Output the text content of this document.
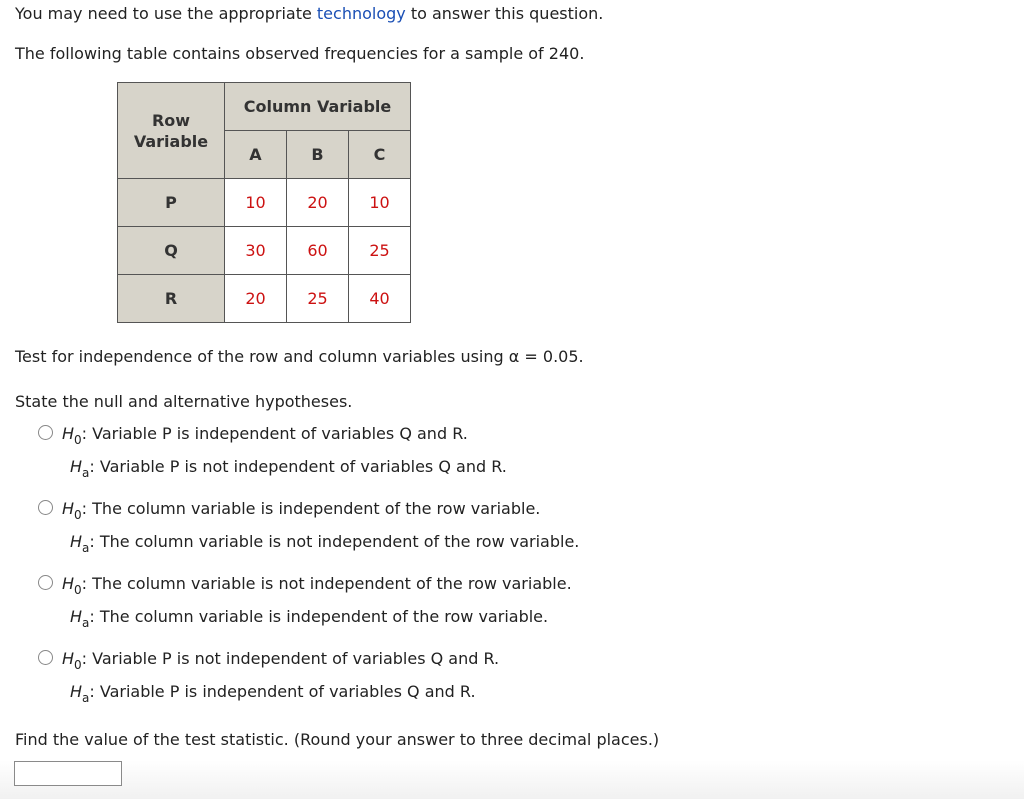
You may need to use the appropriate technology to answer this question.
The following table contains observed frequencies for a sample of 240.
Row Variable	Column Variable		
	A	B	C
P	10	20	10
Q	30	60	25
R	20	25	40
Test for independence of the row and column variables using α = 0.05.
State the null and alternative hypotheses.
$H_0$: Variable P is independent of variables Q and R.
$H_a$: Variable P is not independent of variables Q and R.
$H_0$: The column variable is independent of the row variable.
$H_a$: The column variable is not independent of the row variable.
$H_0$: The column variable is not independent of the row variable.
$H_a$: The column variable is independent of the row variable.
$H_0$: Variable P is not independent of variables Q and R.
$H_a$: Variable P is independent of variables Q and R.
Find the value of the test statistic. (Round your answer to three decimal places.)
